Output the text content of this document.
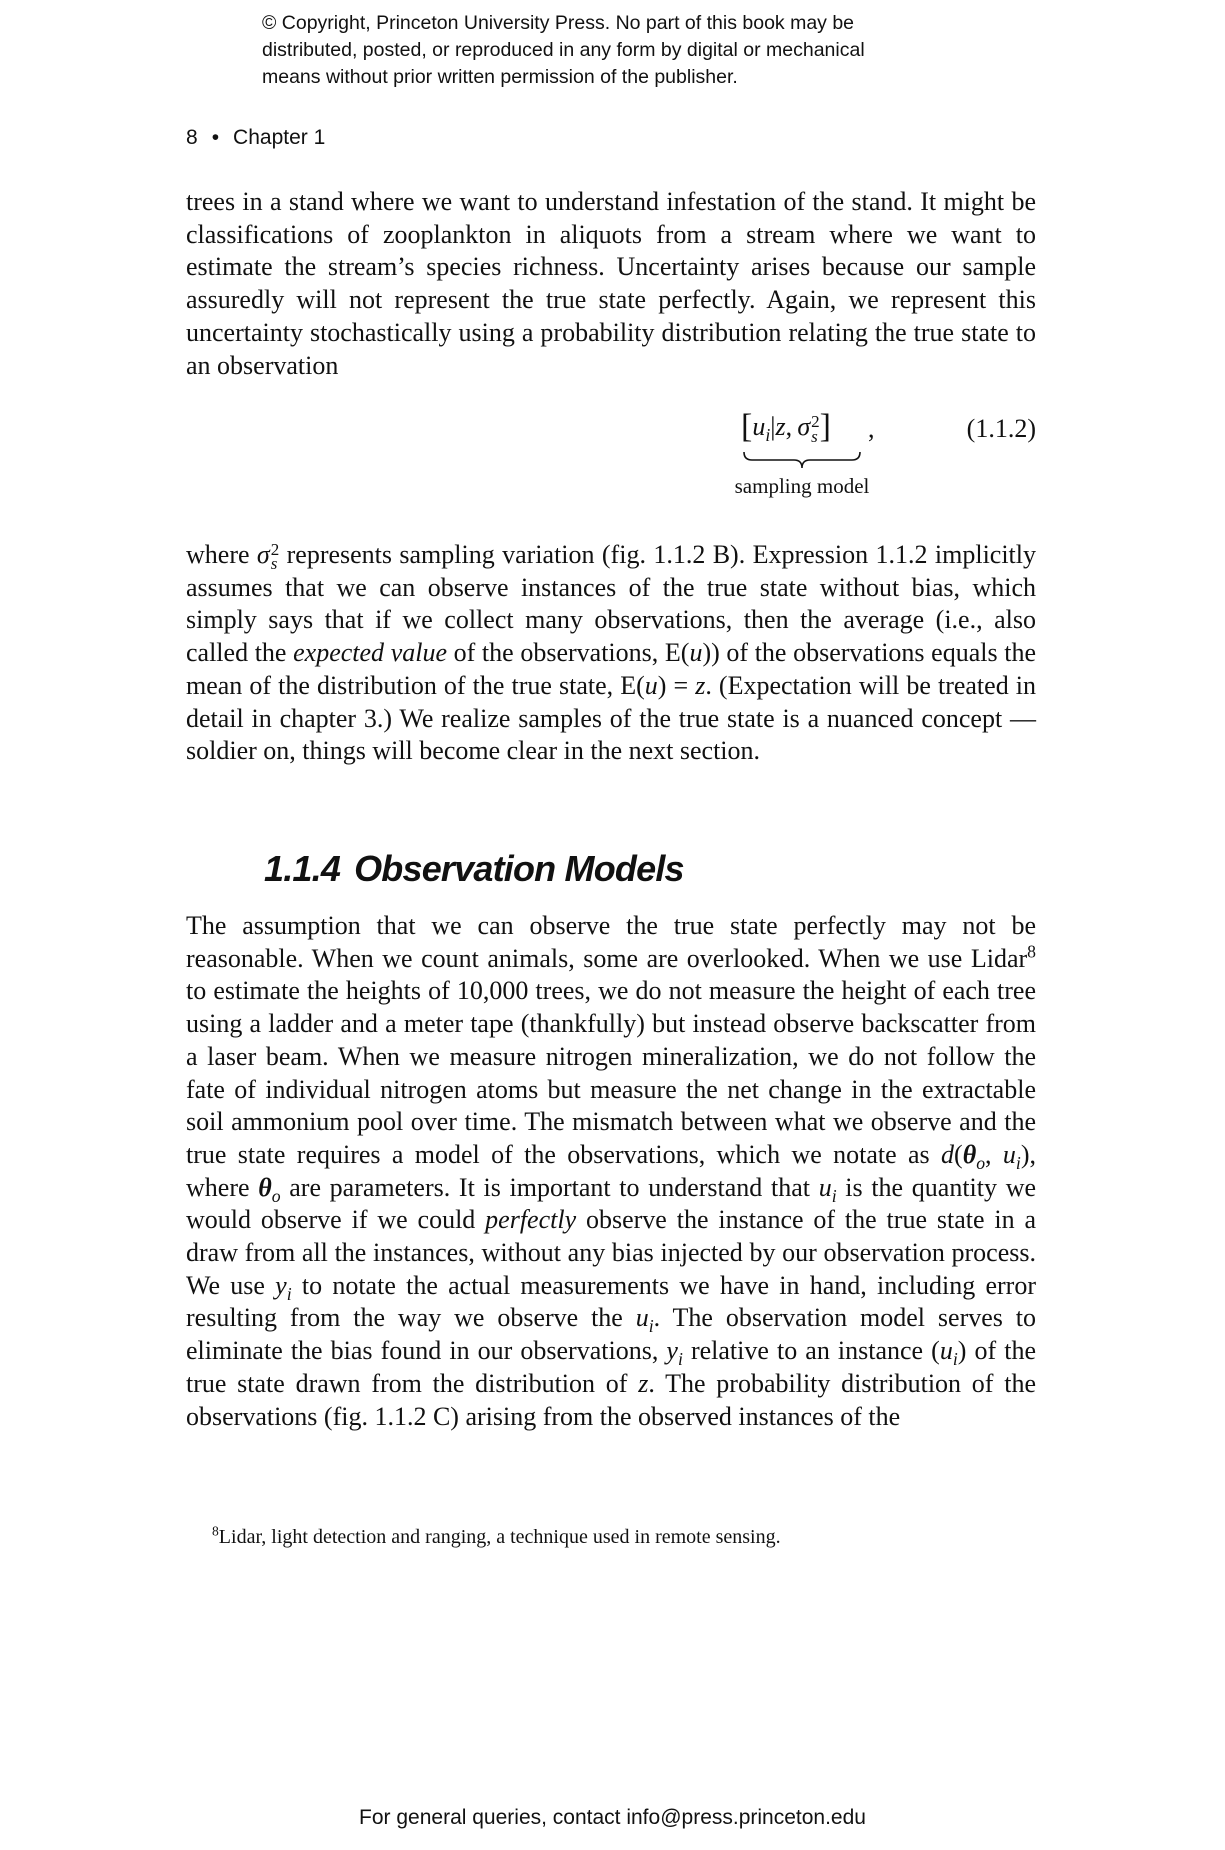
© Copyright, Princeton University Press. No part of this book may be
distributed, posted, or reproduced in any form by digital or mechanical
means without prior written permission of the publisher.
8 • Chapter 1

trees in a stand where we want to understand infestation of the stand. It might be classifications of zooplankton in aliquots from a stream where we want to estimate the stream’s species richness. Uncertainty arises because our sample assuredly will not represent the true state perfectly. Again, we represent this uncertainty stochastically using a probability distribution relating the true state to an observation

[$u_i|z$,  σ 2
s ] ,
sampling model
(1.1.2)

where σ 2
s represents sampling variation (fig. 1.1.2 B). Expression 1.1.2 implicitly assumes that we can observe instances of the true state without bias, which simply says that if we collect many observations, then the average (i.e., also called the expected value of the observations, E(u)) of the observations equals the mean of the distribution of the true state, E(u) = z. (Expectation will be treated in detail in chapter 3.) We realize samples of the true state is a nuanced concept — soldier on, things will become clear in the next section.

1.1.4 Observation Models

The assumption that we can observe the true state perfectly may not be reasonable. When we count animals, some are overlooked. When we use Lidar$^8$ to estimate the heights of 10,000 trees, we do not measure the height of each tree using a ladder and a meter tape (thankfully) but instead observe backscatter from a laser beam. When we measure nitrogen mineralization, we do not follow the fate of individual nitrogen atoms but measure the net change in the extractable soil ammonium pool over time. The mismatch between what we observe and the true state requires a model of the observations, which we notate as $d(\theta_o$, $u_i$), where $\theta_o$ are parameters. It is important to understand that $u_i$ is the quantity we would observe if we could perfectly observe the instance of the true state in a draw from all the instances, without any bias injected by our observation process. We use $y_i$ to notate the actual measurements we have in hand, including error resulting from the way we observe the $u_i$. The observation model serves to eliminate the bias found in our observations, $y_i$ relative to an instance $(u_i)$ of the true state drawn from the distribution of z. The probability distribution of the observations (fig. 1.1.2 C) arising from the observed instances of the

$^8$Lidar, light detection and ranging, a technique used in remote sensing.
For general queries, contact info@press.princeton.edu
